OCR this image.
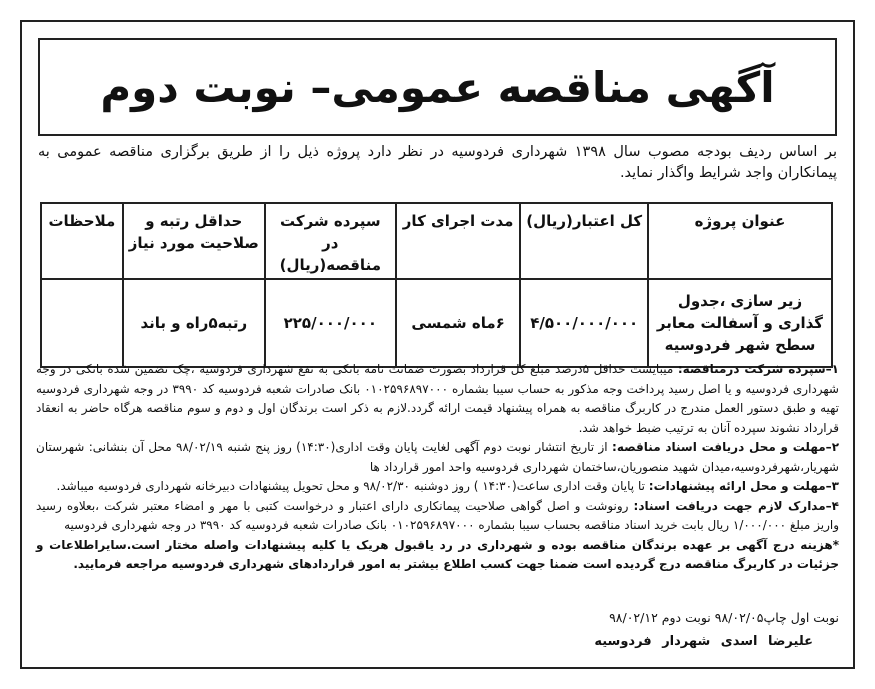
آگهی مناقصه عمومی– نوبت دوم
بر اساس ردیف بودجه مصوب سال ۱۳۹۸ شهرداری فردوسیه در نظر دارد پروژه ذیل را از طریق برگزاری مناقصه عمومی به پیمانکاران واجد شرایط واگذار نماید.
عنوان پروژه	کل اعتبار(ریال)	مدت اجرای کار	سپرده شرکت در مناقصه(ریال)	حداقل رتبه و صلاحیت مورد نیاز	ملاحظات
زیر سازی ،جدول گذاری و آسفالت معابر سطح شهر فردوسیه	۴/۵۰۰/۰۰۰/۰۰۰	۶ماه شمسی	۲۲۵/۰۰۰/۰۰۰	رتبه۵راه و باند	

۱–سپرده شرکت درمناقصه: میبایست حداقل ۵درصد مبلغ کل قرارداد بصورت ضمانت نامه بانکی به نفع شهرداری فردوسیه ،چک تضمین شده بانکی در وجه شهرداری فردوسیه و یا اصل رسید پرداخت وجه مذکور به حساب سیبا بشماره ۰۱۰۲۵۹۶۸۹۷۰۰۰ بانک صادرات شعبه فردوسیه کد ۳۹۹۰ در وجه شهرداری فردوسیه تهیه و طبق دستور العمل مندرج در کاربرگ مناقصه به همراه پیشنهاد قیمت ارائه گردد.لازم به ذکر است برندگان اول و دوم و سوم مناقصه هرگاه حاضر به انعقاد قرارداد نشوند سپرده آنان به ترتیب ضبط خواهد شد.

۲–مهلت و محل دریافت اسناد مناقصه: از تاریخ انتشار نوبت دوم آگهی لغایت پایان وقت اداری(۱۴:۳۰) روز پنج شنبه ۹۸/۰۲/۱۹ محل آن بنشانی: شهرستان شهریار،شهرفردوسیه،میدان شهید منصوریان،ساختمان شهرداری فردوسیه واحد امور قرارداد ها

۳–مهلت و محل ارائه پیشنهادات: تا پایان وقت اداری ساعت(۱۴:۳۰ ) روز دوشنبه ۹۸/۰۲/۳۰ و محل تحویل پیشنهادات دبیرخانه شهرداری فردوسیه میباشد.

۴–مدارک لازم جهت دریافت اسناد: رونوشت و اصل گواهی صلاحیت پیمانکاری دارای اعتبار و درخواست کتبی با مهر و امضاء معتبر شرکت ،بعلاوه رسید واریز مبلغ ۱/۰۰۰/۰۰۰ ریال بابت خرید اسناد مناقصه بحساب سیبا بشماره ۰۱۰۲۵۹۶۸۹۷۰۰۰ بانک صادرات شعبه فردوسیه کد ۳۹۹۰ در وجه شهرداری فردوسیه

*هزینه درج آگهی بر عهده برندگان مناقصه بوده و شهرداری در رد یاقبول هریک یا کلیه پیشنهادات واصله مختار است.سایراطلاعات و جزئیات در کاربرگ مناقصه درج گردیده است ضمنا جهت کسب اطلاع بیشتر به امور قراردادهای شهرداری فردوسیه مراجعه فرمایید.

نوبت اول چاپ۹۸/۰۲/۰۵ نوبت دوم ۹۸/۰۲/۱۲
علیرضا اسدی شهردار فردوسیه
